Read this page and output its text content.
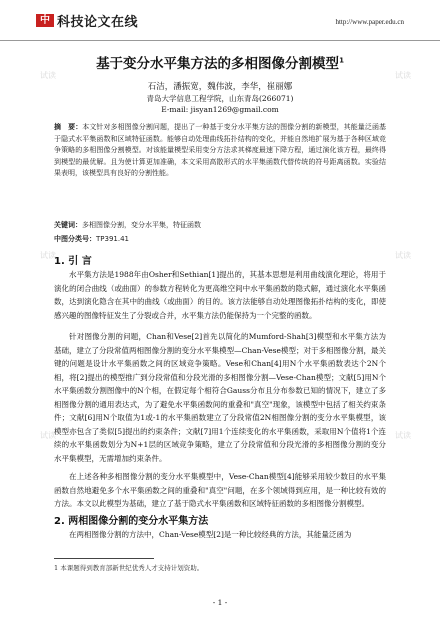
试读	试读
试读	试读
试读	试读
中国
科技论文在线	http://www.paper.edu.cn
基于变分水平集方法的多相图像分割模型$^1$
石洁，潘振宽，魏伟波，李华，崔丽娜
青岛大学信息工程学院，山东青岛(266071)
E-mail: jisyan1269@gmail.com
摘　要：本文针对多相图像分割问题，提出了一种基于变分水平集方法的图像分割的新模型，其能量泛函基于隐式水平集函数和区域特征函数。能够自动处理曲线拓扑结构的变化，并能自然地扩展为基于各种区域竞争策略的多相图像分割模型。对该能量模型采用变分方法求其梯度最速下降方程，通过演化该方程，最终得到模型的最优解。且为使计算更加准确，本文采用高散形式的水平集函数代替传统的符号距离函数。实验结果表明，该模型具有良好的分割性能。
关键词：多相图像分割，变分水平集，特征函数
中图分类号：TP391.41
1. 引 言
水平集方法是1988年由Osher和Sethian[1]提出的，其基本思想是利用曲线演化理论，将用于演化的闭合曲线（或曲面）的参数方程转化为更高维空间中水平集函数的隐式解，通过演化水平集函数，达到演化隐含在其中的曲线（或曲面）的目的。该方法能够自动处理图像拓扑结构的变化，即使感兴趣的图像特征发生了分裂或合并，水平集方法仍能保持为一个完整的函数。
针对图像分割的问题，Chan和Vese[2]首先以简化的Mumford-Shah[3]模型和水平集方法为基础，建立了分段常值两相图像分割的变分水平集模型—Chan-Vese模型；对于多相图像分割，最关键的问题是设计水平集函数之间的区域竞争策略。Vese和Chan[4]用N个水平集函数表达个2N个相，将[2]提出的模型推广到分段常值和分段光滑的多相图像分割—Vese-Chan模型；文献[5]用N个水平集函数分割图像中的N个相，在假定每个相符合Gauss分布且分布参数已知的情况下，建立了多相图像分割的通用表达式，为了避免水平集函数间的重叠和"真空"现象，该模型中包括了相关约束条件；文献[6]用N个取值为1或-1的水平集函数建立了分段常值2N相图像分割的变分水平集模型，该模型亦包含了类似[5]提出的约束条件；文献[7]用1个连续变化的水平集函数，采取用N个值将1个连续的水平集函数划分为N+1层的区域竞争策略，建立了分段常值和分段光滑的多相图像分割的变分水平集模型，无需增加约束条件。
在上述各种多相图像分割的变分水平集模型中，Vese-Chan模型[4]能够采用较少数目的水平集函数自然地避免多个水平集函数之间的重叠和"真空"问题，在多个领域得到应用，是一种比较有效的方法。本文以此模型为基础，建立了基于隐式水平集函数和区域特征函数的多相图像分割模型。
2. 两相图像分割的变分水平集方法
在两相图像分割的方法中，Chan-Vese模型[2]是一种比较经典的方法，其能量泛函为
1 本课题得到教育部新世纪优秀人才支持计划资助。
- 1 -
